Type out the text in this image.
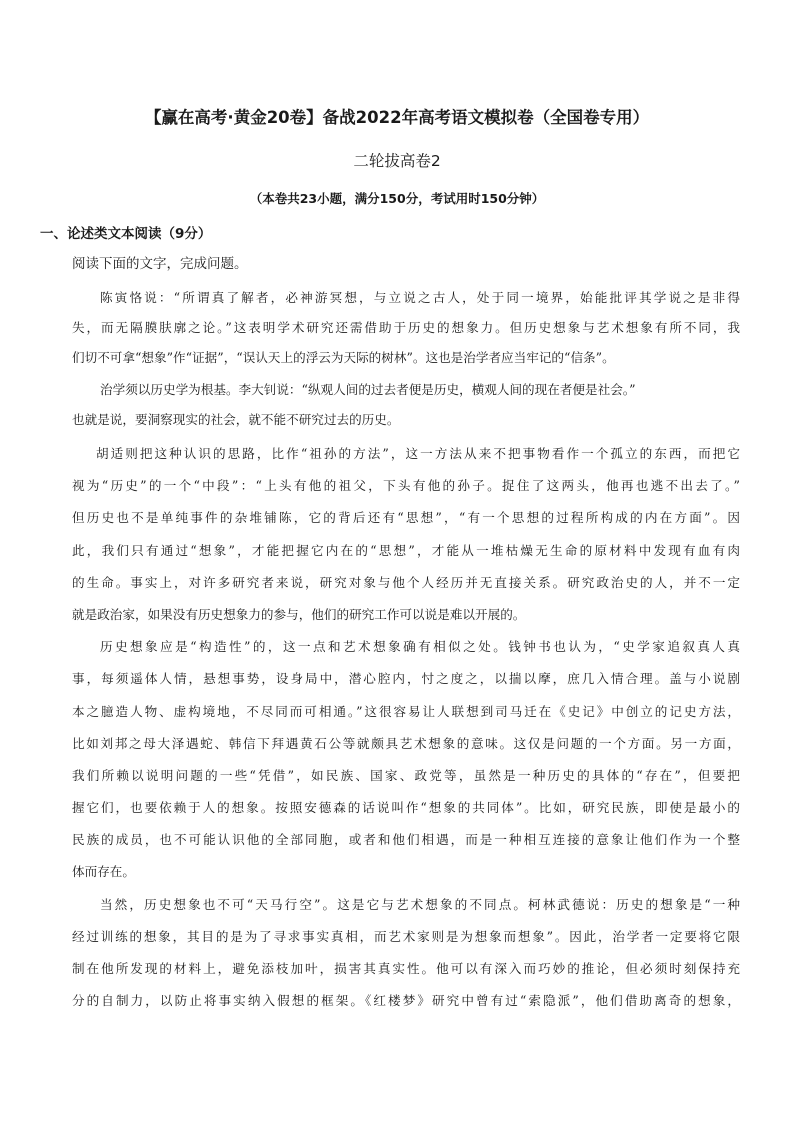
【赢在高考·黄金20卷】备战2022年高考语文模拟卷（全国卷专用）
二轮拔高卷2
（本卷共23小题，满分150分，考试用时150分钟）
一、论述类文本阅读（9分）
阅读下面的文字，完成问题。
陈寅恪说：“所谓真了解者，必神游冥想，与立说之古人，处于同一境界，始能批评其学说之是非得
失，而无隔膜肤廓之论。”这表明学术研究还需借助于历史的想象力。但历史想象与艺术想象有所不同，我
们切不可拿“想象”作“证据”，“误认天上的浮云为天际的树林”。这也是治学者应当牢记的“信条”。
治学须以历史学为根基。李大钊说：“纵观人间的过去者便是历史，横观人间的现在者便是社会。”
也就是说，要洞察现实的社会，就不能不研究过去的历史。
胡适则把这种认识的思路，比作“祖孙的方法”，这一方法从来不把事物看作一个孤立的东西，而把它
视为“历史”的一个“中段”：“上头有他的祖父，下头有他的孙子。捉住了这两头，他再也逃不出去了。”
但历史也不是单纯事件的杂堆铺陈，它的背后还有“思想”，“有一个思想的过程所构成的内在方面”。因
此，我们只有通过“想象”，才能把握它内在的“思想”，才能从一堆枯燥无生命的原材料中发现有血有肉
的生命。事实上，对许多研究者来说，研究对象与他个人经历并无直接关系。研究政治史的人，并不一定
就是政治家，如果没有历史想象力的参与，他们的研究工作可以说是难以开展的。
历史想象应是“构造性”的，这一点和艺术想象确有相似之处。钱钟书也认为，“史学家追叙真人真
事，每须遥体人情，悬想事势，设身局中，潜心腔内，忖之度之，以揣以摩，庶几入情合理。盖与小说剧
本之臆造人物、虚构境地，不尽同而可相通。”这很容易让人联想到司马迁在《史记》中创立的记史方法，
比如刘邦之母大泽遇蛇、韩信下拜遇黄石公等就颇具艺术想象的意味。这仅是问题的一个方面。另一方面，
我们所赖以说明问题的一些“凭借”，如民族、国家、政党等，虽然是一种历史的具体的“存在”，但要把
握它们，也要依赖于人的想象。按照安德森的话说叫作“想象的共同体”。比如，研究民族，即使是最小的
民族的成员，也不可能认识他的全部同胞，或者和他们相遇，而是一种相互连接的意象让他们作为一个整
体而存在。
当然，历史想象也不可“天马行空”。这是它与艺术想象的不同点。柯林武德说：历史的想象是“一种
经过训练的想象，其目的是为了寻求事实真相，而艺术家则是为想象而想象”。因此，治学者一定要将它限
制在他所发现的材料上，避免添枝加叶，损害其真实性。他可以有深入而巧妙的推论，但必须时刻保持充
分的自制力，以防止将事实纳入假想的框架。《红楼梦》研究中曾有过“索隐派”，他们借助离奇的想象，
